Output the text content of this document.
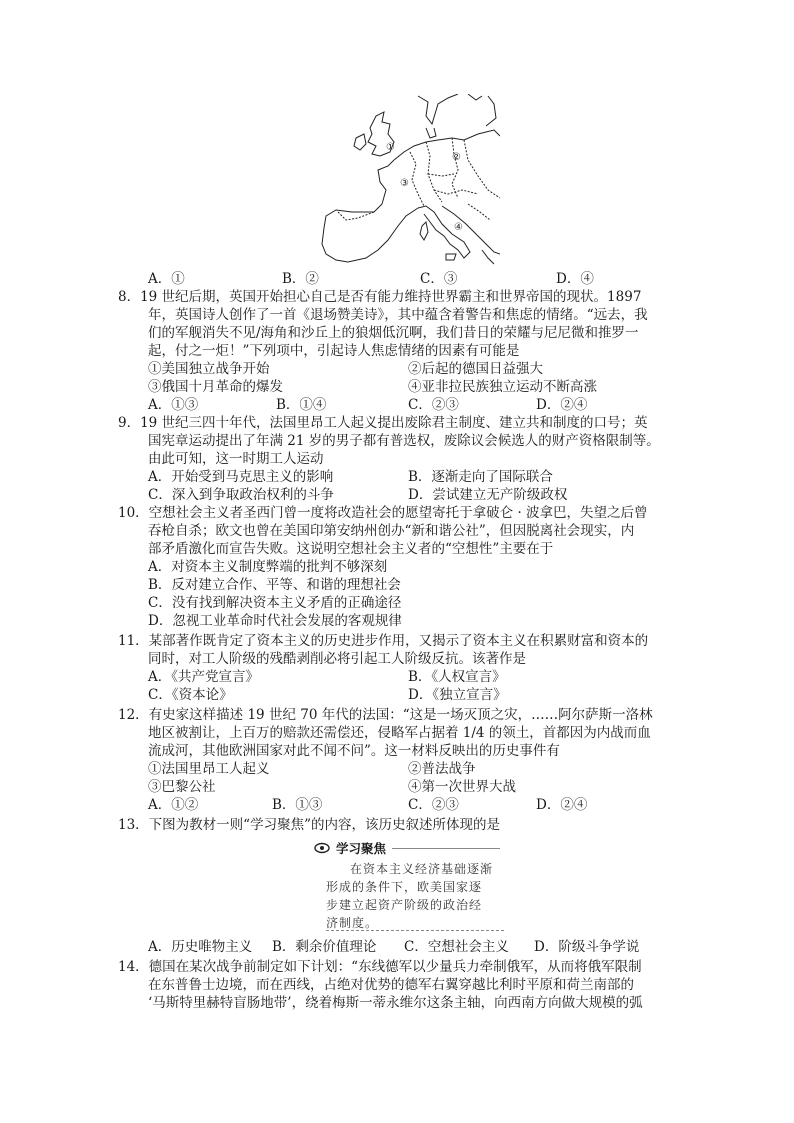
①
②
③
④
A．①	B．②	C．③	D．④
8．19 世纪后期，英国开始担心自己是否有能力维持世界霸主和世界帝国的现状。1897
年，英国诗人创作了一首《退场赞美诗》，其中蕴含着警告和焦虑的情绪。“远去，我
们的军舰消失不见/海角和沙丘上的狼烟低沉啊，我们昔日的荣耀与尼尼微和推罗一
起，付之一炬！”下列项中，引起诗人焦虑情绪的因素有可能是
①美国独立战争开始	②后起的德国日益强大
③俄国十月革命的爆发	④亚非拉民族独立运动不断高涨
A．①③	B．①④	C．②③	D．②④
9．19 世纪三四十年代，法国里昂工人起义提出废除君主制度、建立共和制度的口号；英
国宪章运动提出了年满 21 岁的男子都有普选权，废除议会候选人的财产资格限制等。
由此可知，这一时期工人运动
A．开始受到马克思主义的影响	B．逐渐走向了国际联合
C．深入到争取政治权利的斗争	D．尝试建立无产阶级政权
10．空想社会主义者圣西门曾一度将改造社会的愿望寄托于拿破仑 · 波拿巴，失望之后曾
吞枪自杀；欧文也曾在美国印第安纳州创办“新和谐公社”，但因脱离社会现实，内
部矛盾激化而宣告失败。这说明空想社会主义者的“空想性”主要在于
A．对资本主义制度弊端的批判不够深刻
B．反对建立合作、平等、和谐的理想社会
C．没有找到解决资本主义矛盾的正确途径
D．忽视工业革命时代社会发展的客观规律
11．某部著作既肯定了资本主义的历史进步作用，又揭示了资本主义在积累财富和资本的
同时，对工人阶级的残酷剥削必将引起工人阶级反抗。该著作是
A．《共产党宣言》	B．《人权宣言》
C．《资本论》	D．《独立宣言》
12．有史家这样描述 19 世纪 70 年代的法国：“这是一场灭顶之灾，……阿尔萨斯一洛林
地区被割让，上百万的赔款还需偿还，侵略军占据着 1/4 的领土，首都因为内战而血
流成河，其他欧洲国家对此不闻不问”。这一材料反映出的历史事件有
①法国里昂工人起义	②普法战争
③巴黎公社	④第一次世界大战
A．①②	B．①③	C．②③	D．②④
13．下图为教材一则“学习聚焦”的内容，该历史叙述所体现的是
学习聚焦
在资本主义经济基础逐渐
形成的条件下，欧美国家逐
步建立起资产阶级的政治经
济制度。
A．历史唯物主义 B．剩余价值理论 C．空想社会主义 D．阶级斗争学说
14．德国在某次战争前制定如下计划：“东线德军以少量兵力牵制俄军，从而将俄军限制
在东普鲁士边境，而在西线，占绝对优势的德军右翼穿越比利时平原和荷兰南部的
‘马斯特里赫特盲肠地带’，绕着梅斯一蒂永维尔这条主轴，向西南方向做大规模的弧
